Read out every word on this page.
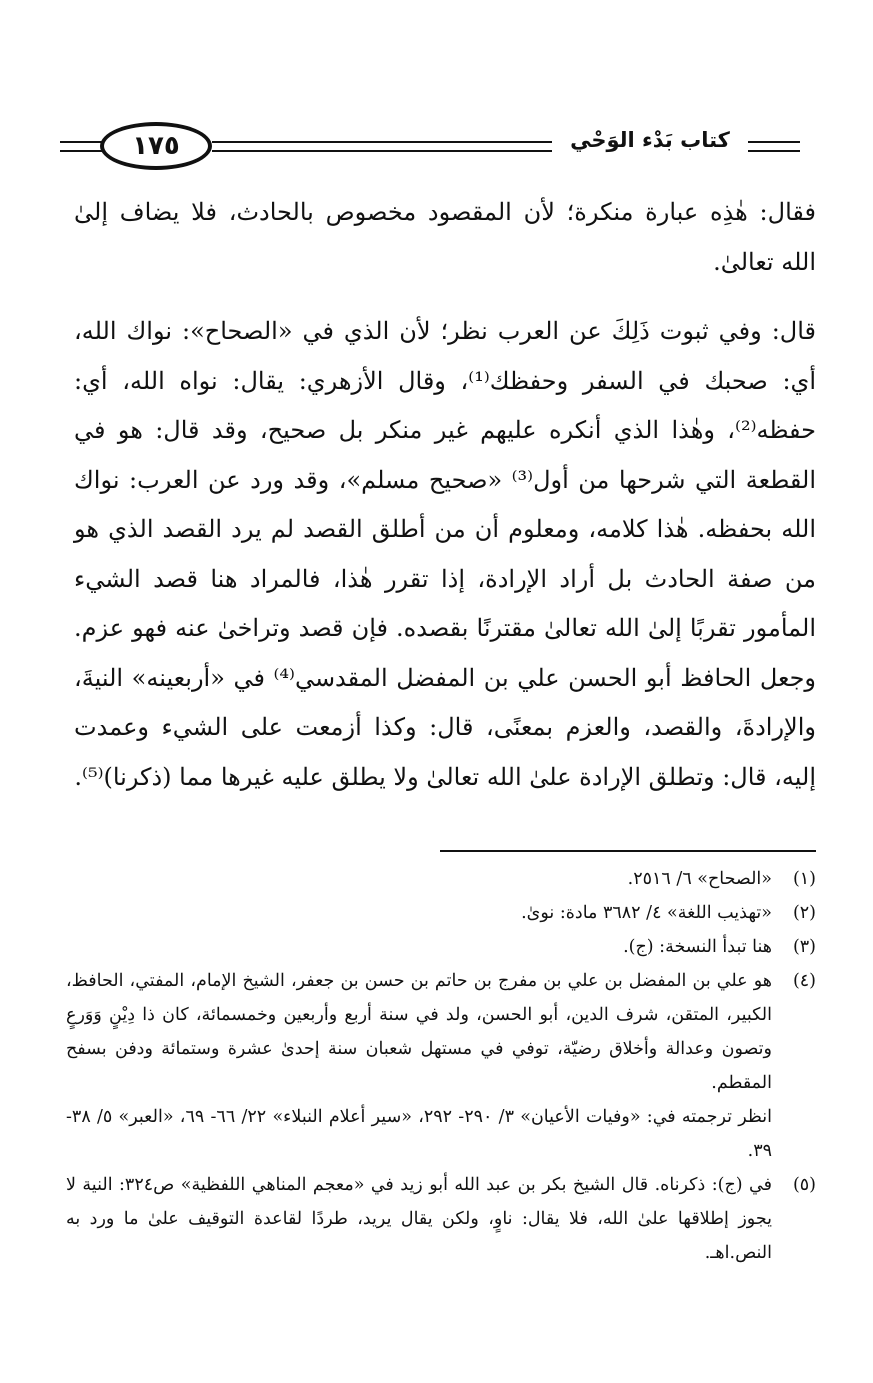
١٧٥	كتاب بَدْء الوَحْي

فقال: هٰذِه عبارة منكرة؛ لأن المقصود مخصوص بالحادث، فلا يضاف إلىٰ الله تعالىٰ.

قال: وفي ثبوت ذَلِكَ عن العرب نظر؛ لأن الذي في «الصحاح»: نواك الله، أي: صحبك في السفر وحفظك⁽¹⁾، وقال الأزهري: يقال: نواه الله، أي: حفظه⁽²⁾، وهٰذا الذي أنكره عليهم غير منكر بل صحيح، وقد قال: هو في القطعة التي شرحها من أول⁽³⁾ «صحيح مسلم»، وقد ورد عن العرب: نواك الله بحفظه. هٰذا كلامه، ومعلوم أن من أطلق القصد لم يرد القصد الذي هو من صفة الحادث بل أراد الإرادة، إذا تقرر هٰذا، فالمراد هنا قصد الشيء المأمور تقربًا إلىٰ الله تعالىٰ مقترنًا بقصده. فإن قصد وتراخىٰ عنه فهو عزم. وجعل الحافظ أبو الحسن علي بن المفضل المقدسي⁽⁴⁾ في «أربعينه» النيةَ، والإرادةَ، والقصد، والعزم بمعنًى، قال: وكذا أزمعت على الشيء وعمدت إليه، قال: وتطلق الإرادة علىٰ الله تعالىٰ ولا يطلق عليه غيرها مما (ذكرنا)⁽⁵⁾.

(١)
«الصحاح» ٦/ ٢٥١٦.
(٢)
«تهذيب اللغة» ٤/ ٣٦٨٢ مادة: نوىٰ.
(٣)
هنا تبدأ النسخة: (ج).
(٤)
هو علي بن المفضل بن علي بن مفرج بن حاتم بن حسن بن جعفر، الشيخ الإمام، المفتي، الحافظ، الكبير، المتقن، شرف الدين، أبو الحسن، ولد في سنة أربع وأربعين وخمسمائة، كان ذا دِيْنٍ وَوَرعٍ وتصون وعدالة وأخلاق رضيّة، توفي في مستهل شعبان سنة إحدىٰ عشرة وستمائة ودفن بسفح المقطم.
انظر ترجمته في: «وفيات الأعيان» ٣/ ٢٩٠- ٢٩٢، «سير أعلام النبلاء» ٢٢/ ٦٦- ٦٩، «العبر» ٥/ ٣٨- ٣٩.
(٥)
في (ج): ذكرناه. قال الشيخ بكر بن عبد الله أبو زيد في «معجم المناهي اللفظية» ص٣٢٤: النية لا يجوز إطلاقها علىٰ الله، فلا يقال: ناوٍ، ولكن يقال يريد، طردًا لقاعدة التوقيف علىٰ ما ورد به النص.اهـ.
